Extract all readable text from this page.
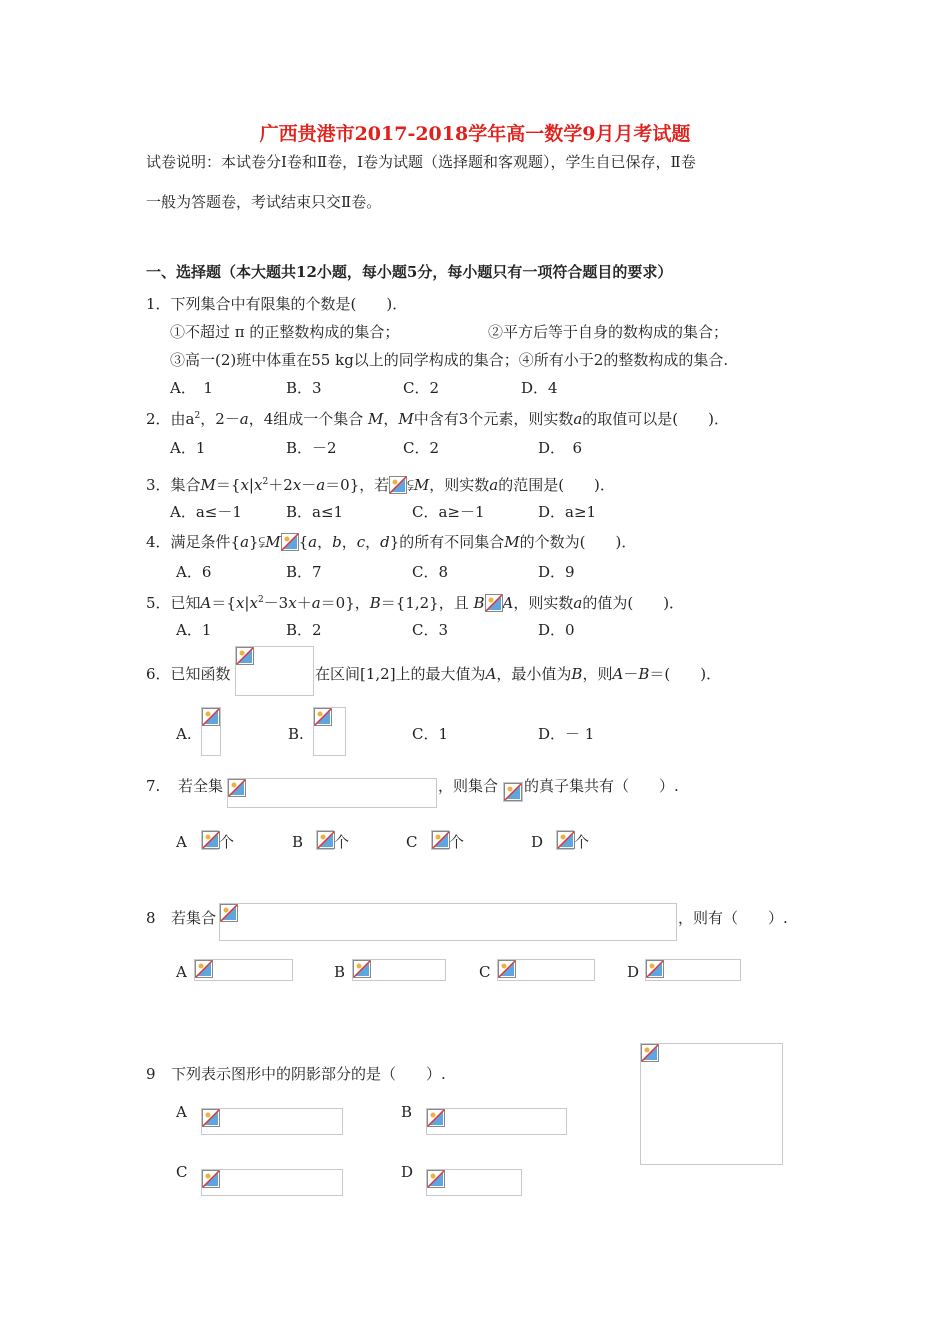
广西贵港市2017-2018学年高一数学9月月考试题
试卷说明：本试卷分Ⅰ卷和Ⅱ卷，Ⅰ卷为试题（选择题和客观题），学生自已保存，Ⅱ卷
一般为答题卷，考试结束只交Ⅱ卷。
一、选择题（本大题共12小题，每小题5分，每小题只有一项符合题目的要求）
1．下列集合中有限集的个数是(　　)．
①不超过 π 的正整数构成的集合；	②平方后等于自身的数构成的集合；
③高一(2)班中体重在55 kg以上的同学构成的集合；④所有小于2的整数构成的集合.
A．　1	B．3	C．2	D．4
2．由$a^2$，2－a，4组成一个集合 M，M中含有3个元素，则实数a的取值可以是(　　)．
A．1	B．－2	C．2	D．　6
3．集合$M=\{x|x^2+2x-a=0\}$，若 ⫋M，则实数a的范围是(　　)．
A．a≤－1	B．a≤1	C．a≥－1	D．a≥1
4．满足条件{a}⫋M {a，b，c，d}的所有不同集合M的个数为(　　)．
A．6	B．7	C．8	D．9
5．已知$A=\{x|x^2-3x+a=0\}$，B＝{1,2}，且 B A，则实数a的值为(　　)．
A．1	B．2	C．3	D．0
6．已知函数	在区间[1,2]上的最大值为A，最小值为B，则A－B＝(　　)．
A.	B.	C．1	D．－ 1
7. 若全集	，则集合 的真子集共有（　　）.
A 个	B 个	C 个	D 个
8 若集合	，则有（　　）.
A	B	C	D
9 下列表示图形中的阴影部分的是（　　）.
A	B
C	D
